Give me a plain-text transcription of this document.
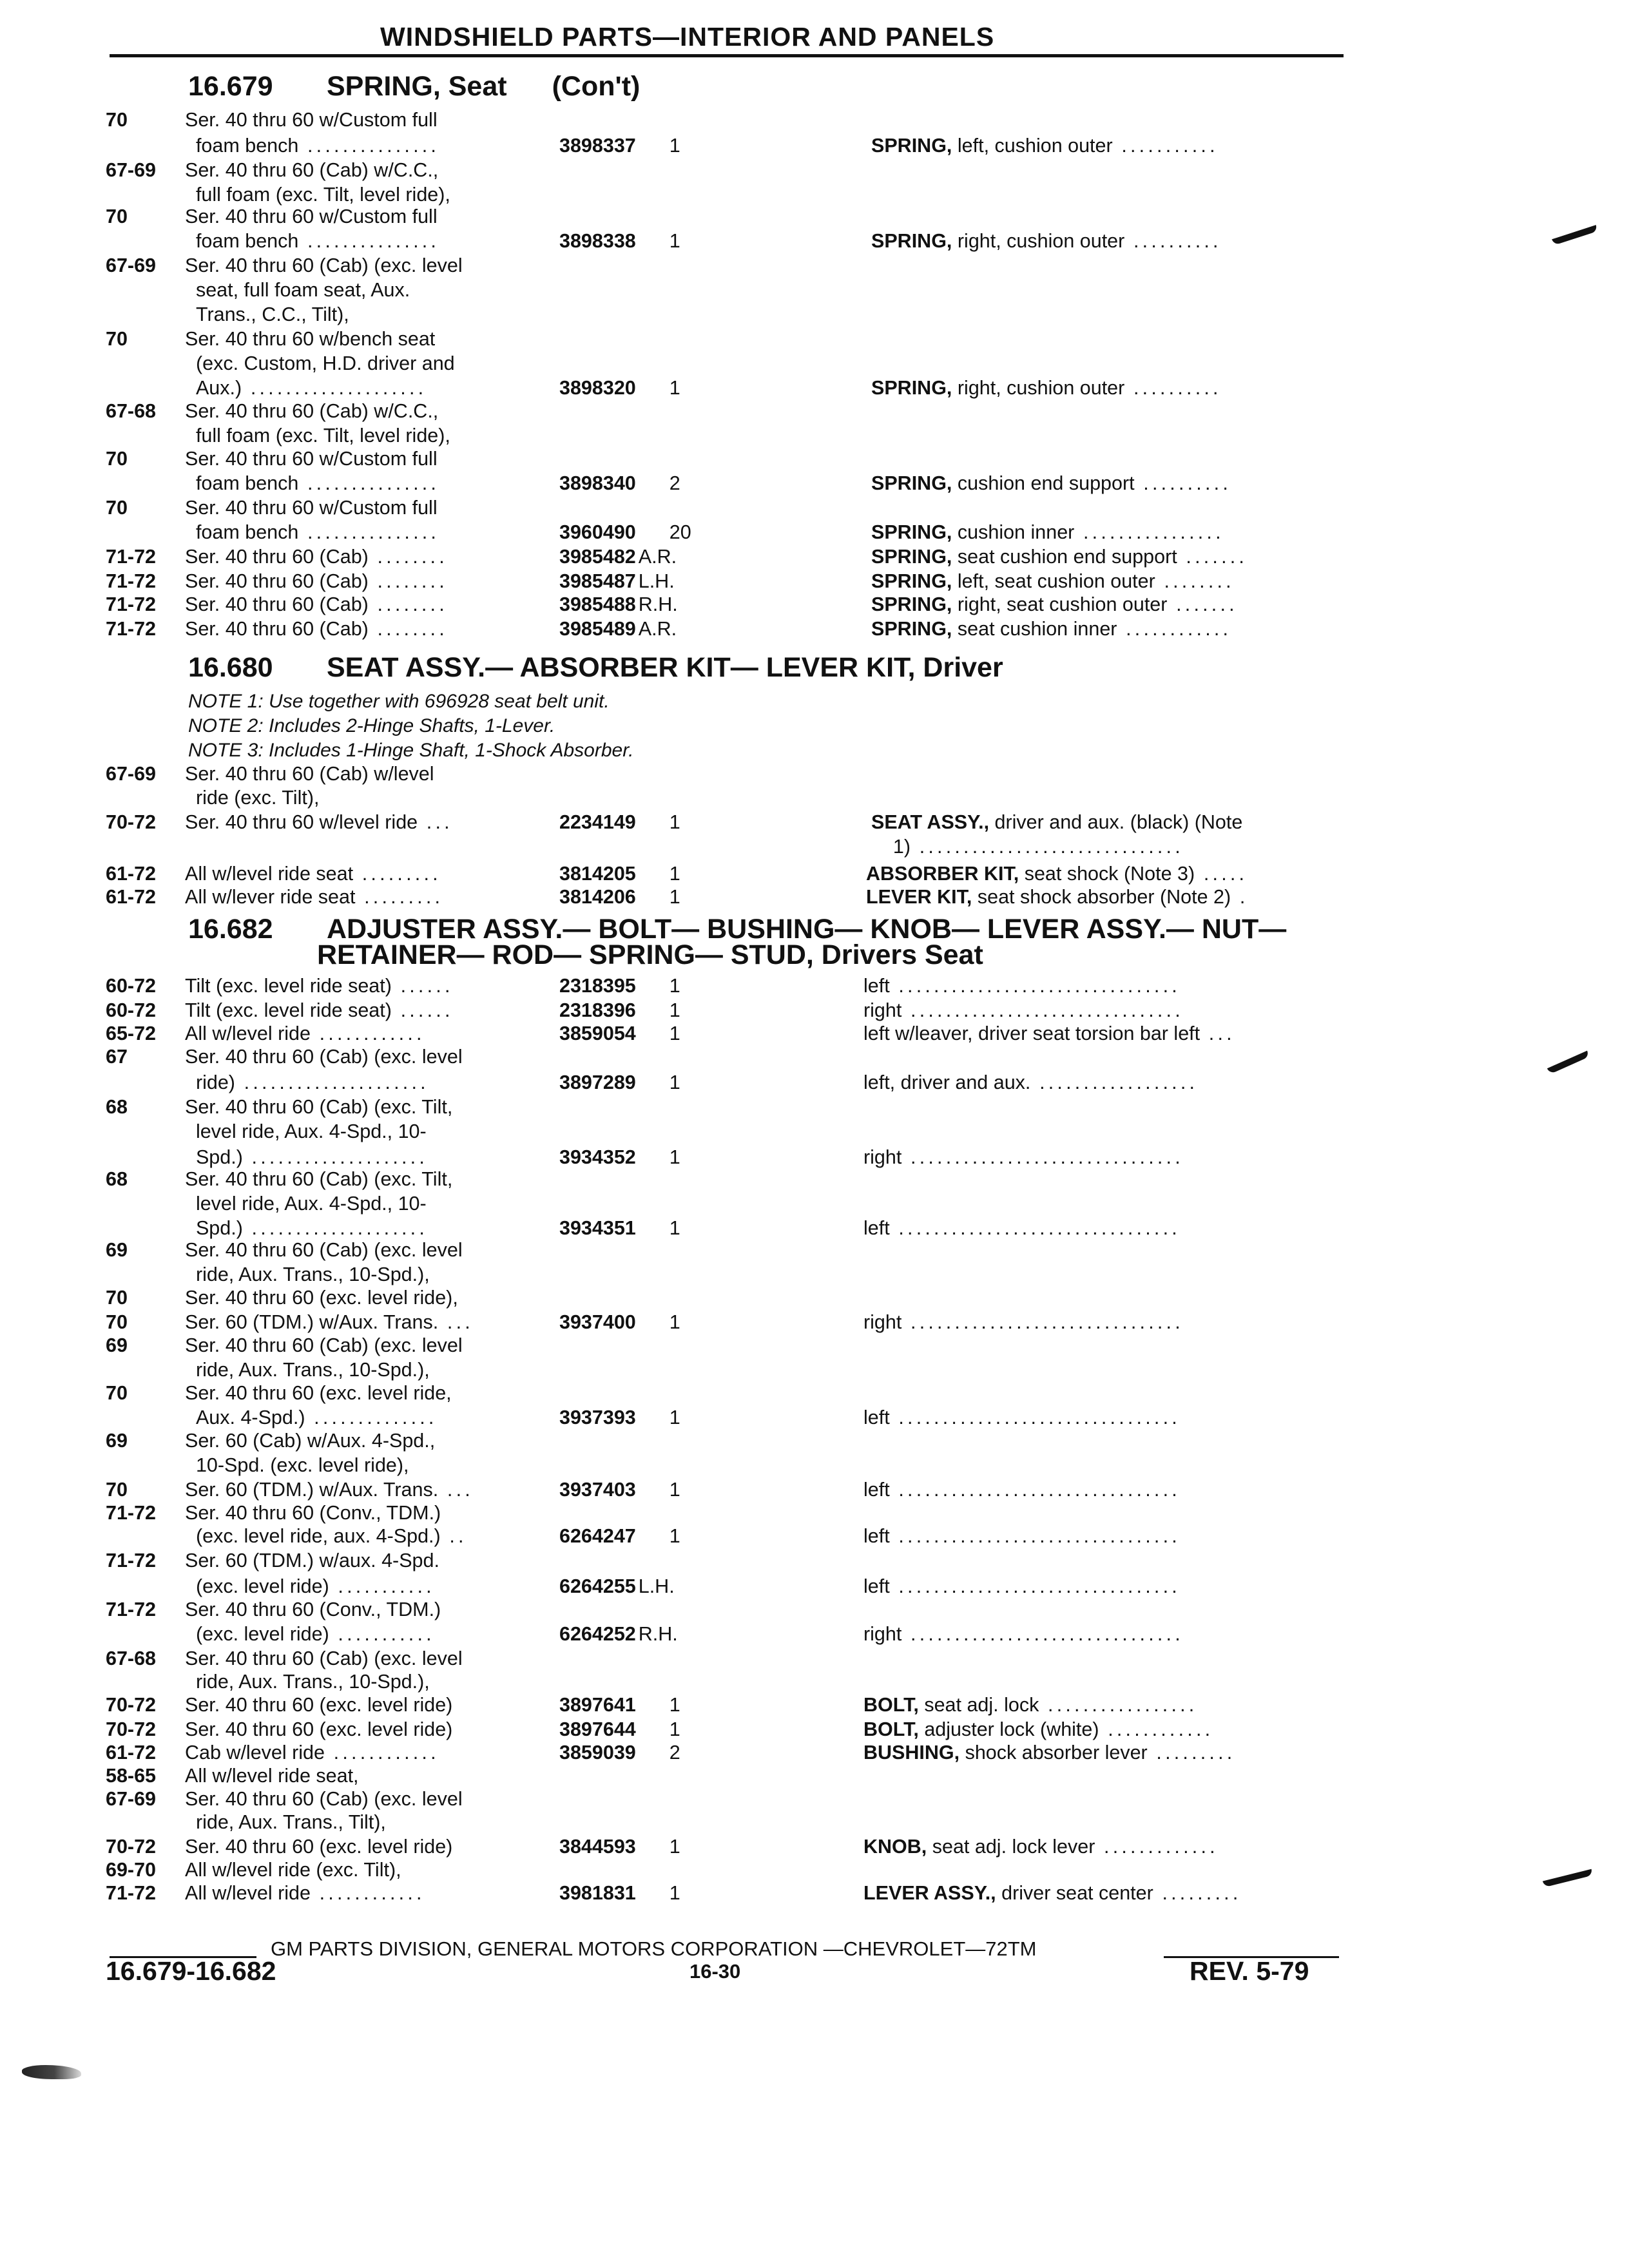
WINDSHIELD PARTS—INTERIOR AND PANELS
16.679 SPRING, Seat (Con't)
16.680 SEAT ASSY.— ABSORBER KIT— LEVER KIT, Driver
16.682 ADJUSTER ASSY.— BOLT— BUSHING— KNOB— LEVER ASSY.— NUT—
RETAINER— ROD— SPRING— STUD, Drivers Seat
NOTE 1: Use together with 696928 seat belt unit.
NOTE 2: Includes 2-Hinge Shafts, 1-Lever.
NOTE 3: Includes 1-Hinge Shaft, 1-Shock Absorber.
70	Ser. 40 thru 60 w/Custom full
foam bench ...............	3898337 1	SPRING, left, cushion outer ...........
67-69	Ser. 40 thru 60 (Cab) w/C.C.,
full foam (exc. Tilt, level ride),
70	Ser. 40 thru 60 w/Custom full
foam bench ...............	3898338 1	SPRING, right, cushion outer ..........
67-69	Ser. 40 thru 60 (Cab) (exc. level
seat, full foam seat, Aux.
Trans., C.C., Tilt),
70	Ser. 40 thru 60 w/bench seat
(exc. Custom, H.D. driver and
Aux.) ....................	3898320 1	SPRING, right, cushion outer ..........
67-68	Ser. 40 thru 60 (Cab) w/C.C.,
full foam (exc. Tilt, level ride),
70	Ser. 40 thru 60 w/Custom full
foam bench ...............	3898340 2	SPRING, cushion end support ..........
70	Ser. 40 thru 60 w/Custom full
foam bench ...............	3960490 20	SPRING, cushion inner ................
71-72	Ser. 40 thru 60 (Cab) ........	3985482 A.R.	SPRING, seat cushion end support .......
71-72	Ser. 40 thru 60 (Cab) ........	3985487 L.H.	SPRING, left, seat cushion outer ........
71-72	Ser. 40 thru 60 (Cab) ........	3985488 R.H.	SPRING, right, seat cushion outer .......
71-72	Ser. 40 thru 60 (Cab) ........	3985489 A.R.	SPRING, seat cushion inner ............
67-69	Ser. 40 thru 60 (Cab) w/level
ride (exc. Tilt),
70-72	Ser. 40 thru 60 w/level ride ...	2234149 1	SEAT ASSY., driver and aux. (black) (Note
1) ..............................
61-72	All w/level ride seat .........	3814205 1	ABSORBER KIT, seat shock (Note 3) .....
61-72	All w/lever ride seat .........	3814206 1	LEVER KIT, seat shock absorber (Note 2) .
60-72	Tilt (exc. level ride seat) ......	2318395 1	left ................................
60-72	Tilt (exc. level ride seat) ......	2318396 1	right ...............................
65-72	All w/level ride ............	3859054 1	left w/leaver, driver seat torsion bar left ...
67	Ser. 40 thru 60 (Cab) (exc. level
ride) .....................	3897289 1	left, driver and aux. ..................
68	Ser. 40 thru 60 (Cab) (exc. Tilt,
level ride, Aux. 4-Spd., 10-
Spd.) ....................	3934352 1	right ...............................
68	Ser. 40 thru 60 (Cab) (exc. Tilt,
level ride, Aux. 4-Spd., 10-
Spd.) ....................	3934351 1	left ................................
69	Ser. 40 thru 60 (Cab) (exc. level
ride, Aux. Trans., 10-Spd.),
70	Ser. 40 thru 60 (exc. level ride),
70	Ser. 60 (TDM.) w/Aux. Trans. ...	3937400 1	right ...............................
69	Ser. 40 thru 60 (Cab) (exc. level
ride, Aux. Trans., 10-Spd.),
70	Ser. 40 thru 60 (exc. level ride,
Aux. 4-Spd.) ..............	3937393 1	left ................................
69	Ser. 60 (Cab) w/Aux. 4-Spd.,
10-Spd. (exc. level ride),
70	Ser. 60 (TDM.) w/Aux. Trans. ...	3937403 1	left ................................
71-72	Ser. 40 thru 60 (Conv., TDM.)
(exc. level ride, aux. 4-Spd.) ..	6264247 1	left ................................
71-72	Ser. 60 (TDM.) w/aux. 4-Spd.
(exc. level ride) ...........	6264255 L.H.	left ................................
71-72	Ser. 40 thru 60 (Conv., TDM.)
(exc. level ride) ...........	6264252 R.H.	right ...............................
67-68	Ser. 40 thru 60 (Cab) (exc. level
ride, Aux. Trans., 10-Spd.),
70-72	Ser. 40 thru 60 (exc. level ride)	3897641 1	BOLT, seat adj. lock .................
70-72	Ser. 40 thru 60 (exc. level ride)	3897644 1	BOLT, adjuster lock (white) ............
61-72	Cab w/level ride ............	3859039 2	BUSHING, shock absorber lever .........
58-65	All w/level ride seat,
67-69	Ser. 40 thru 60 (Cab) (exc. level
ride, Aux. Trans., Tilt),
70-72	Ser. 40 thru 60 (exc. level ride)	3844593 1	KNOB, seat adj. lock lever .............
69-70	All w/level ride (exc. Tilt),
71-72	All w/level ride ............	3981831 1	LEVER ASSY., driver seat center .........
GM PARTS DIVISION, GENERAL MOTORS CORPORATION —CHEVROLET—72TM
16.679-16.682	16-30	REV. 5-79
